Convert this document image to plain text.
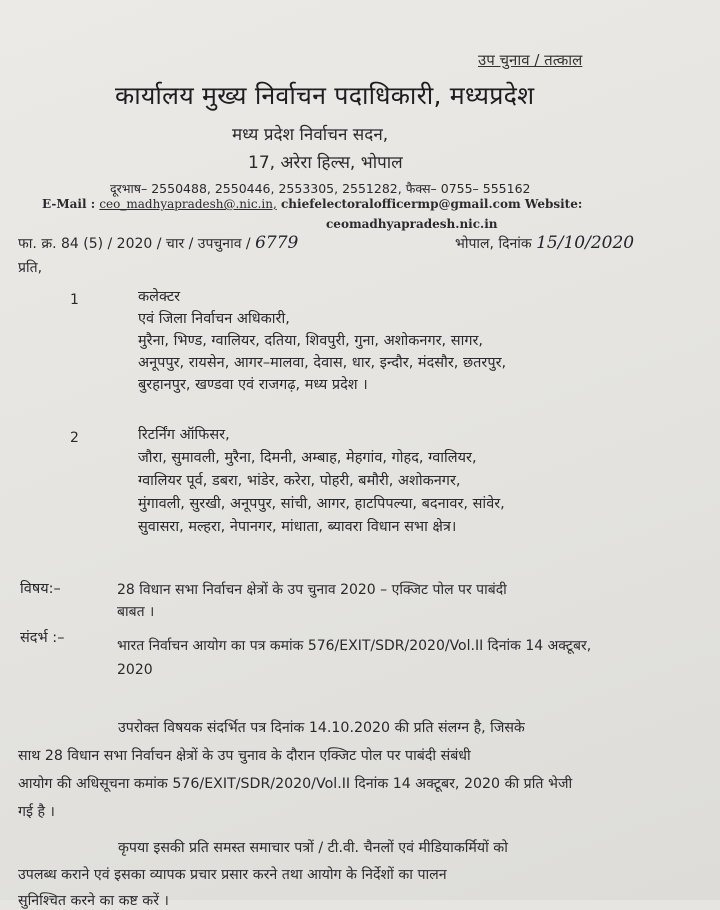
उप चुनाव / तत्काल
कार्यालय मुख्य निर्वाचन पदाधिकारी, मध्यप्रदेश
मध्य प्रदेश निर्वाचन सदन,
17, अरेरा हिल्स, भोपाल
दूरभाष– 2550488, 2550446, 2553305, 2551282, फैक्स– 0755– 555162
E-Mail : ceo_madhyapradesh@.nic.in, chiefelectoralofficermp@gmail.com Website:
ceomadhyapradesh.nic.in
फा. क्र. 84 (5) / 2020 / चार / उपचुनाव / 6779	भोपाल, दिनांक 15/10/2020
प्रति,
1	कलेक्टर
एवं जिला निर्वाचन अधिकारी,
मुरैना, भिण्ड, ग्वालियर, दतिया, शिवपुरी, गुना, अशोकनगर, सागर,
अनूपपुर, रायसेन, आगर–मालवा, देवास, धार, इन्दौर, मंदसौर, छतरपुर,
बुरहानपुर, खण्डवा एवं राजगढ़, मध्य प्रदेश ।
2	रिटर्निंग ऑफिसर,
जौरा, सुमावली, मुरैना, दिमनी, अम्बाह, मेहगांव, गोहद, ग्वालियर,
ग्वालियर पूर्व, डबरा, भांडेर, करेरा, पोहरी, बमौरी, अशोकनगर,
मुंगावली, सुरखी, अनूपपुर, सांची, आगर, हाटपिपल्या, बदनावर, सांवेर,
सुवासरा, मल्हरा, नेपानगर, मांधाता, ब्यावरा विधान सभा क्षेत्र।
विषय:–	28 विधान सभा निर्वाचन क्षेत्रों के उप चुनाव 2020 – एक्जिट पोल पर पाबंदी
बाबत ।
संदर्भ :–	भारत निर्वाचन आयोग का पत्र कमांक 576/EXIT/SDR/2020/Vol.II दिनांक 14 अक्टूबर,
2020
उपरोक्त विषयक संदर्भित पत्र दिनांक 14.10.2020 की प्रति संलग्न है, जिसके
साथ 28 विधान सभा निर्वाचन क्षेत्रों के उप चुनाव के दौरान एक्जिट पोल पर पाबंदी संबंधी
आयोग की अधिसूचना कमांक 576/EXIT/SDR/2020/Vol.II दिनांक 14 अक्टूबर, 2020 की प्रति भेजी
गई है ।
कृपया इसकी प्रति समस्त समाचार पत्रों / टी.वी. चैनलों एवं मीडियाकर्मियों को
उपलब्ध कराने एवं इसका व्यापक प्रचार प्रसार करने तथा आयोग के निर्देशों का पालन
सुनिश्चित करने का कष्ट करें ।
